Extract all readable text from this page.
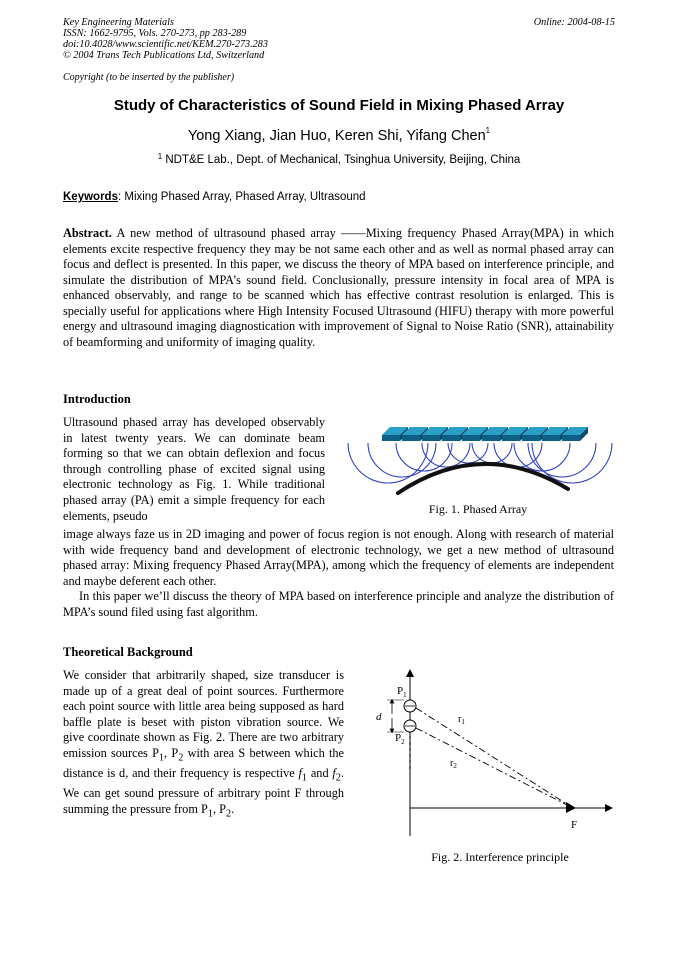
Key Engineering Materials
ISSN: 1662-9795, Vols. 270-273, pp 283-289
doi:10.4028/www.scientific.net/KEM.270-273.283
© 2004 Trans Tech Publications Ltd, Switzerland
Online: 2004-08-15
Copyright (to be inserted by the publisher)
Study of Characteristics of Sound Field in Mixing Phased Array
Yong Xiang, Jian Huo, Keren Shi, Yifang Chen$^1$
$^1$ NDT&E Lab., Dept. of Mechanical, Tsinghua University, Beijing, China
Keywords: Mixing Phased Array, Phased Array, Ultrasound
Abstract. A new method of ultrasound phased array ——Mixing frequency Phased Array(MPA) in which elements excite respective frequency they may be not same each other and as well as normal phased array can focus and deflect is presented. In this paper, we discuss the theory of MPA based on interference principle, and simulate the distribution of MPA’s sound field. Conclusionally, pressure intensity in focal area of MPA is enhanced observably, and range to be scanned which has effective contrast resolution is enlarged. This is specially useful for applications where High Intensity Focused Ultrasound (HIFU) therapy with more powerful energy and ultrasound imaging diagnostication with improvement of Signal to Noise Ratio (SNR), attainability of beamforming and uniformity of imaging quality.
Introduction
Ultrasound phased array has developed observably in latest twenty years. We can dominate beam forming so that we can obtain deflexion and focus through controlling phase of excited signal using electronic technology as Fig. 1. While traditional phased array (PA) emit a simple frequency for each elements, pseudo	Fig. 1. Phased Array

image always faze us in 2D imaging and power of focus region is not enough. Along with research of material with wide frequency band and development of electronic technology, we get a new method of ultrasound phased array: Mixing frequency Phased Array(MPA), among which the frequency of elements are independent and maybe deferent each other.

In this paper we’ll discuss the theory of MPA based on interference principle and analyze the distribution of MPA’s sound filed using fast algorithm.

Theoretical Background
We consider that arbitrarily shaped, size transducer is made up of a great deal of point sources. Furthermore each point source with little area being supposed as hard baffle plate is beset with piston vibration source. We give coordinate shown as Fig. 2. There are two arbitrary emission sources $P_1$, $P_2$ with area S between which the distance is d, and their frequency is respective $f_1$ and $f_2$. We can get sound pressure of arbitrary point F through summing the pressure from $P_1$, $P_2$.
$P_1$
$P_2$
d	$r_1$
$r_2$
F
Fig. 2. Interference principle
